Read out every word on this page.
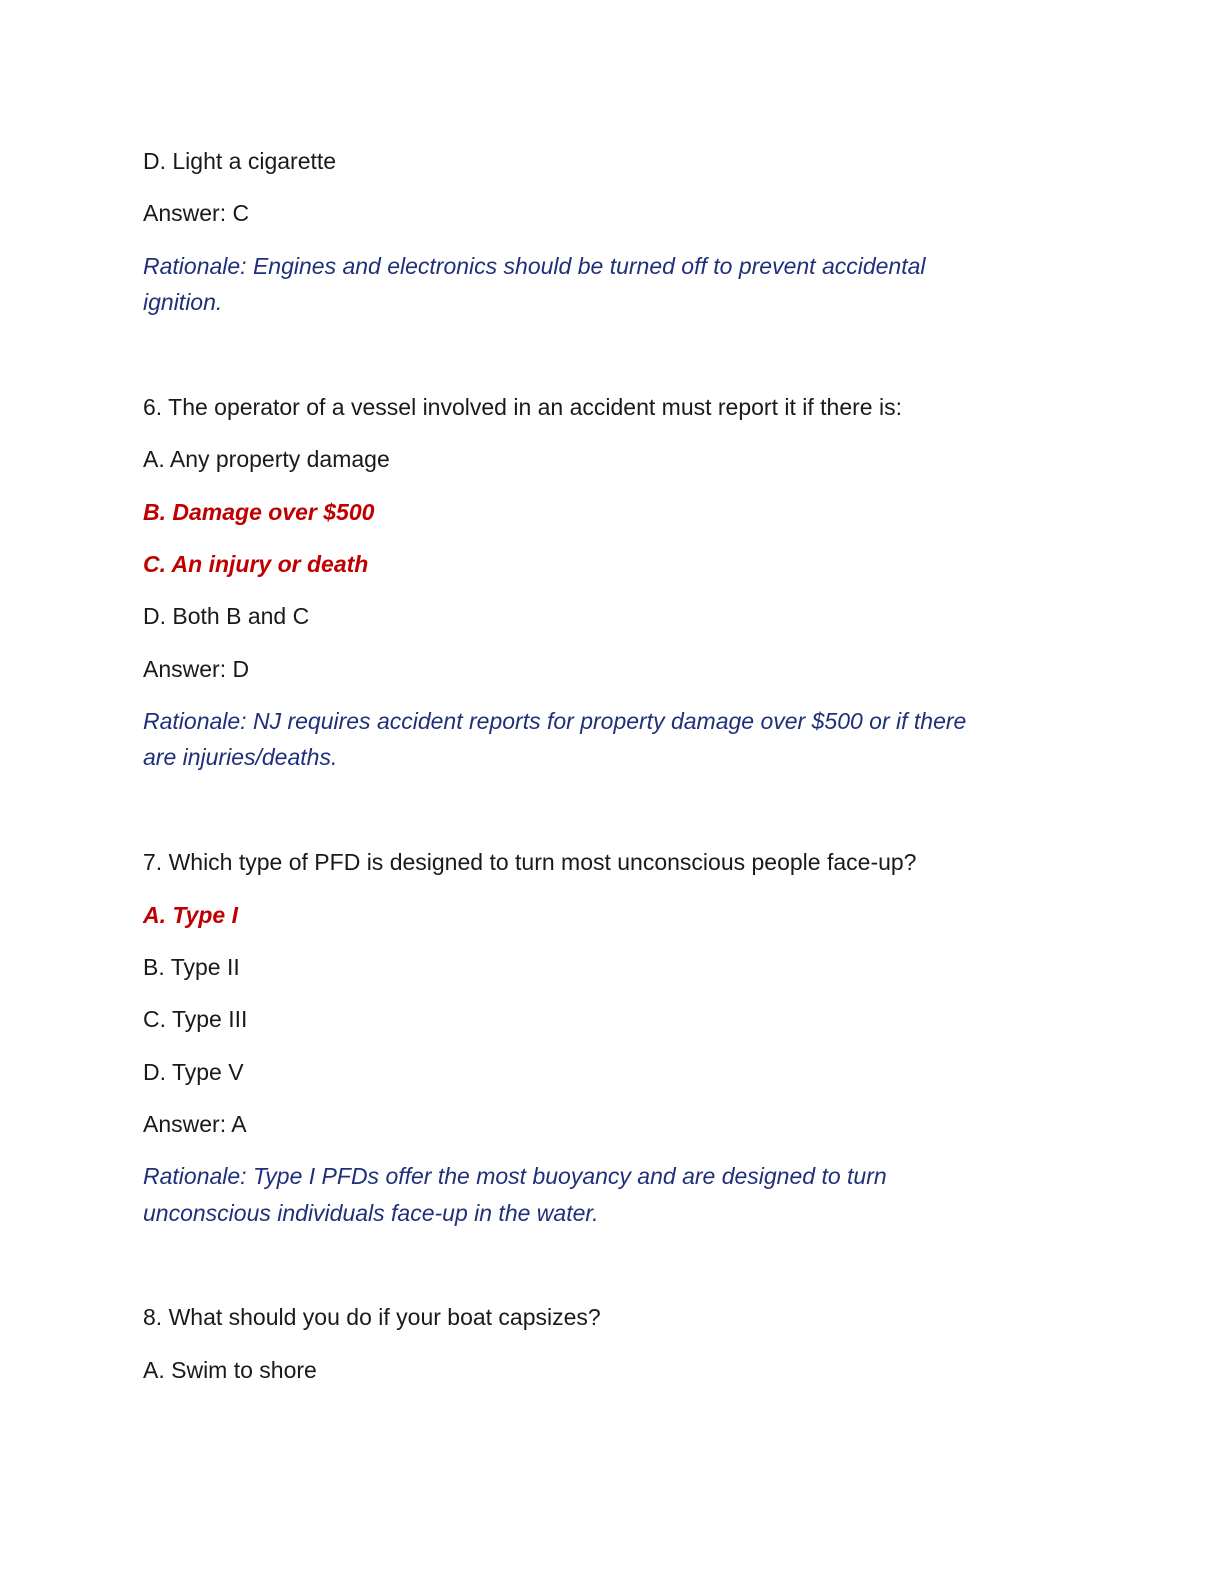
D. Light a cigarette

Answer: C

Rationale: Engines and electronics should be turned off to prevent accidental

ignition.

6. The operator of a vessel involved in an accident must report it if there is:

A. Any property damage

B. Damage over $500

C. An injury or death

D. Both B and C

Answer: D

Rationale: NJ requires accident reports for property damage over $500 or if there

are injuries/deaths.

7. Which type of PFD is designed to turn most unconscious people face-up?

A. Type I

B. Type II

C. Type III

D. Type V

Answer: A

Rationale: Type I PFDs offer the most buoyancy and are designed to turn

unconscious individuals face-up in the water.

8. What should you do if your boat capsizes?

A. Swim to shore
